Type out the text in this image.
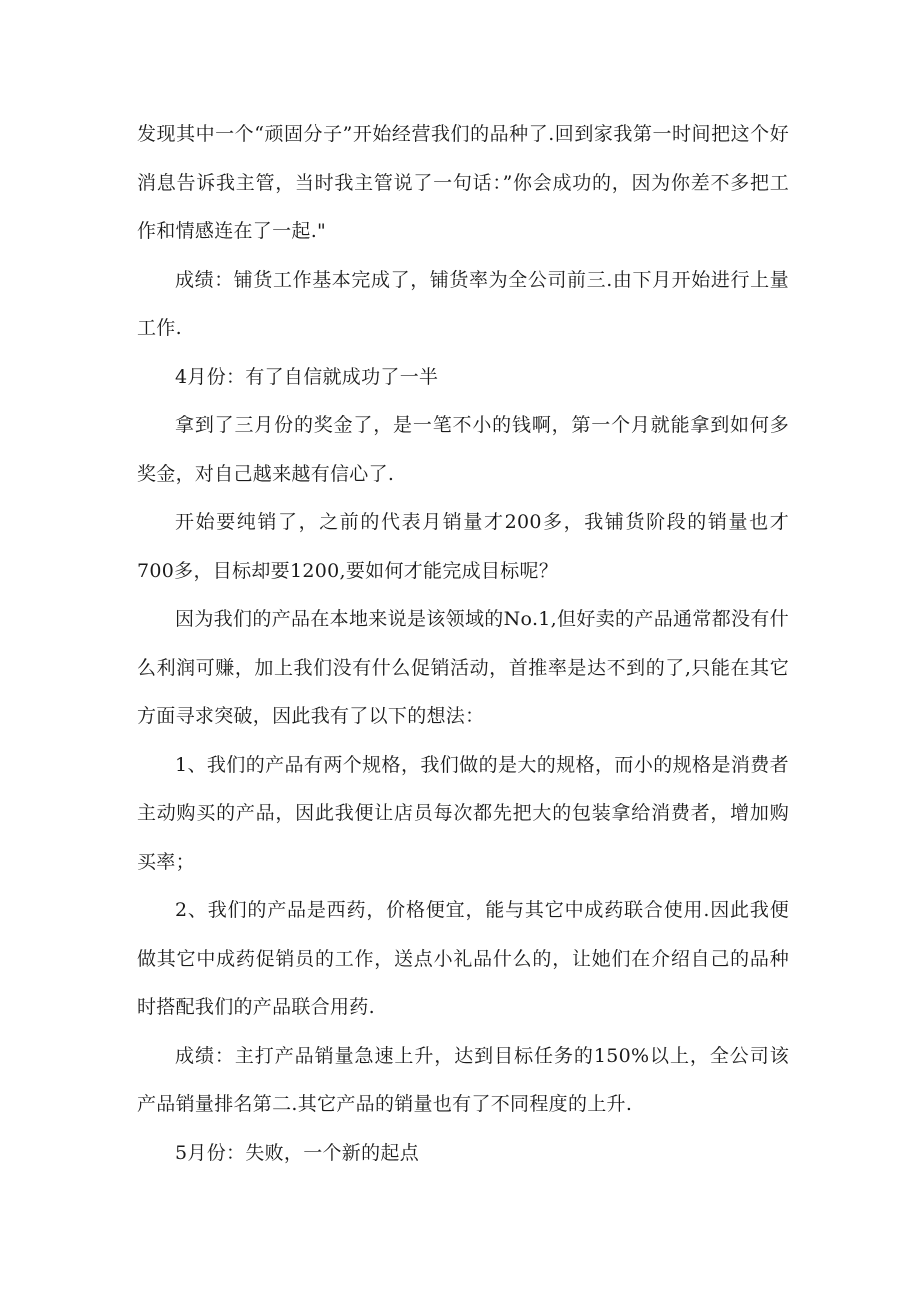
发现其中一个“顽固分子”开始经营我们的品种了.回到家我第一时间把这个好消息告诉我主管，当时我主管说了一句话：”你会成功的，因为你差不多把工作和情感连在了一起."

成绩：铺货工作基本完成了，铺货率为全公司前三.由下月开始进行上量工作.

4月份：有了自信就成功了一半

拿到了三月份的奖金了，是一笔不小的钱啊，第一个月就能拿到如何多奖金，对自己越来越有信心了.

开始要纯销了，之前的代表月销量才200多，我铺货阶段的销量也才700多，目标却要1200,要如何才能完成目标呢？

因为我们的产品在本地来说是该领域的No.1,但好卖的产品通常都没有什么利润可赚，加上我们没有什么促销活动，首推率是达不到的了,只能在其它方面寻求突破，因此我有了以下的想法：

1、我们的产品有两个规格，我们做的是大的规格，而小的规格是消费者主动购买的产品，因此我便让店员每次都先把大的包装拿给消费者，增加购买率；

2、我们的产品是西药，价格便宜，能与其它中成药联合使用.因此我便做其它中成药促销员的工作，送点小礼品什么的，让她们在介绍自己的品种时搭配我们的产品联合用药.

成绩：主打产品销量急速上升，达到目标任务的150%以上，全公司该产品销量排名第二.其它产品的销量也有了不同程度的上升.

5月份：失败，一个新的起点
